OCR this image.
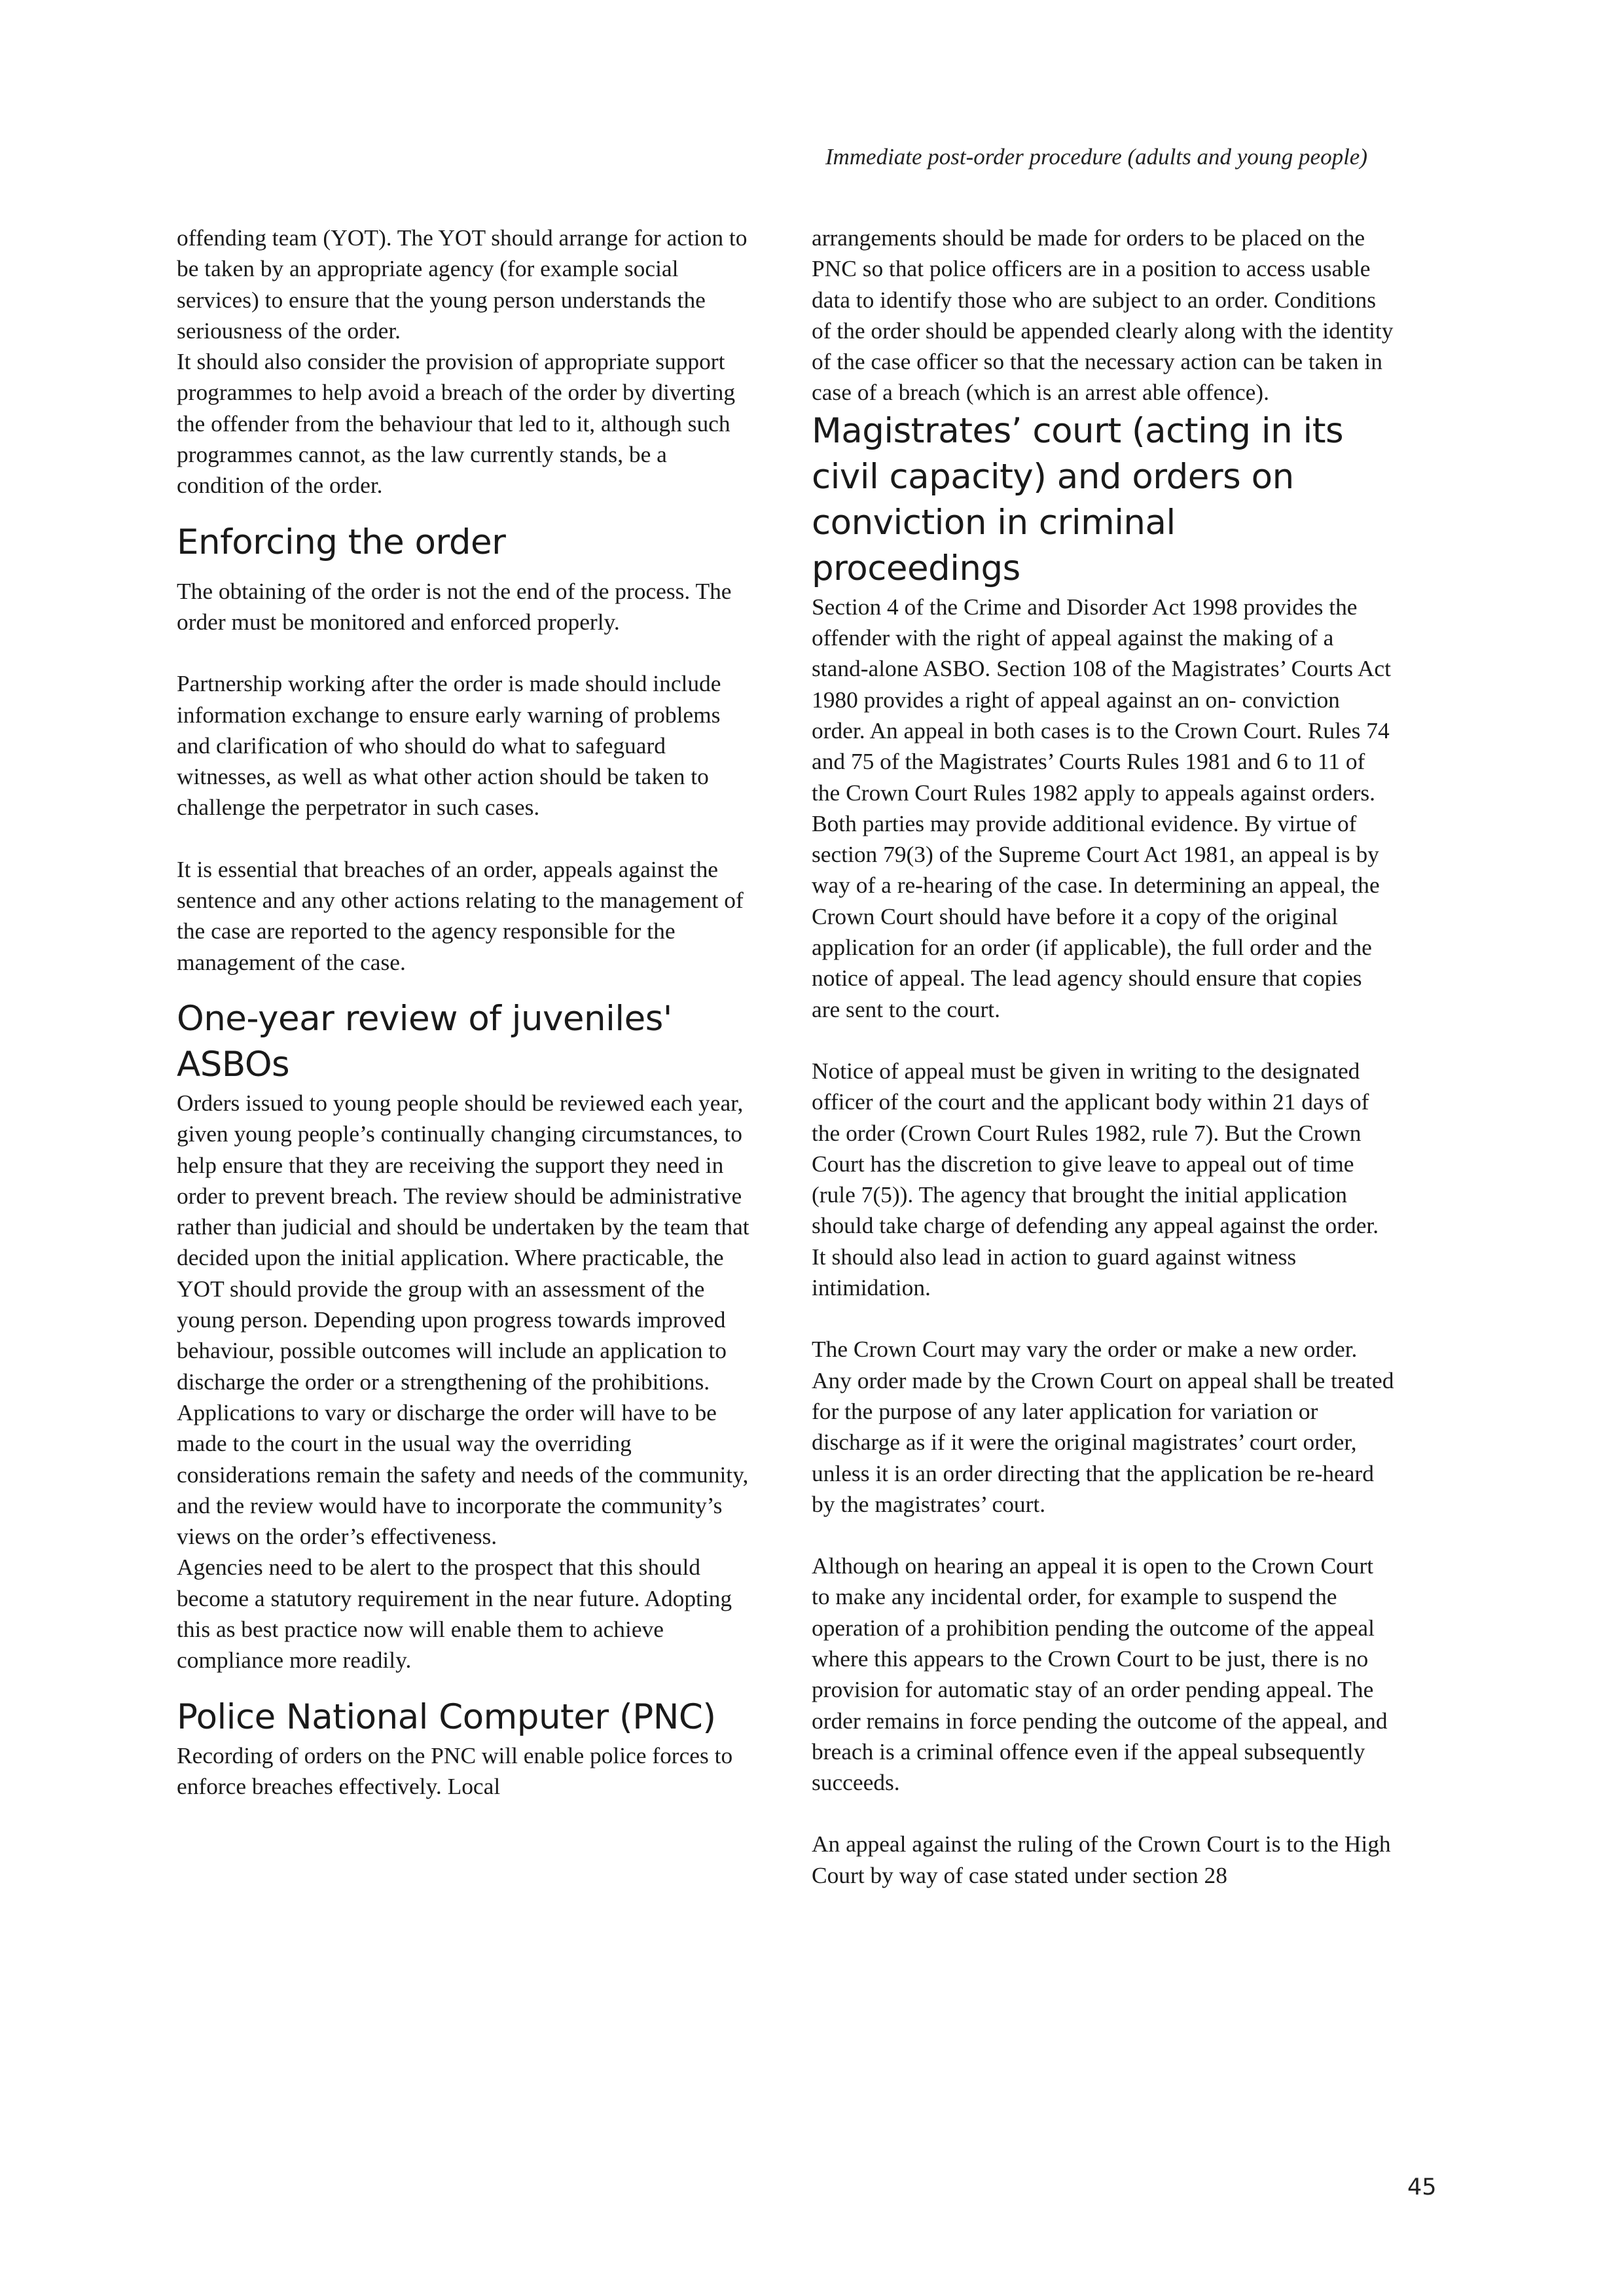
Immediate post-order procedure (adults and young people)

offending team (YOT). The YOT should arrange for action to be taken by an appropriate agency (for example social services) to ensure that the young person understands the seriousness of the order.

It should also consider the provision of appropriate support programmes to help avoid a breach of the order by diverting the offender from the behaviour that led to it, although such programmes cannot, as the law currently stands, be a condition of the order.

Enforcing the order

The obtaining of the order is not the end of the process. The order must be monitored and enforced properly.

Partnership working after the order is made should include information exchange to ensure early warning of problems and clarification of who should do what to safeguard witnesses, as well as what other action should be taken to challenge the perpetrator in such cases.

It is essential that breaches of an order, appeals against the sentence and any other actions relating to the management of the case are reported to the agency responsible for the management of the case.

One-year review of juveniles' ASBOs

Orders issued to young people should be reviewed each year, given young people’s continually changing circumstances, to help ensure that they are receiving the support they need in order to prevent breach. The review should be administrative rather than judicial and should be undertaken by the team that decided upon the initial application. Where practicable, the YOT should provide the group with an assessment of the young person. Depending upon progress towards improved behaviour, possible outcomes will include an application to discharge the order or a strengthening of the prohibitions. Applications to vary or discharge the order will have to be made to the court in the usual way the overriding considerations remain the safety and needs of the community, and the review would have to incorporate the community’s views on the order’s effectiveness.

Agencies need to be alert to the prospect that this should become a statutory requirement in the near future. Adopting this as best practice now will enable them to achieve compliance more readily.

Police National Computer (PNC)

Recording of orders on the PNC will enable police forces to enforce breaches effectively. Local

arrangements should be made for orders to be placed on the PNC so that police officers are in a position to access usable data to identify those who are subject to an order. Conditions of the order should be appended clearly along with the identity of the case officer so that the necessary action can be taken in case of a breach (which is an arrest able offence).

Magistrates’ court (acting in its civil capacity) and orders on conviction in criminal proceedings

Section 4 of the Crime and Disorder Act 1998 provides the offender with the right of appeal against the making of a stand-alone ASBO. Section 108 of the Magistrates’ Courts Act 1980 provides a right of appeal against an on- conviction order. An appeal in both cases is to the Crown Court. Rules 74 and 75 of the Magistrates’ Courts Rules 1981 and 6 to 11 of the Crown Court Rules 1982 apply to appeals against orders. Both parties may provide additional evidence. By virtue of section 79(3) of the Supreme Court Act 1981, an appeal is by way of a re-hearing of the case. In determining an appeal, the Crown Court should have before it a copy of the original application for an order (if applicable), the full order and the notice of appeal. The lead agency should ensure that copies are sent to the court.

Notice of appeal must be given in writing to the designated officer of the court and the applicant body within 21 days of the order (Crown Court Rules 1982, rule 7). But the Crown Court has the discretion to give leave to appeal out of time (rule 7(5)). The agency that brought the initial application should take charge of defending any appeal against the order. It should also lead in action to guard against witness intimidation.

The Crown Court may vary the order or make a new order. Any order made by the Crown Court on appeal shall be treated for the purpose of any later application for variation or discharge as if it were the original magistrates’ court order, unless it is an order directing that the application be re-heard by the magistrates’ court.

Although on hearing an appeal it is open to the Crown Court to make any incidental order, for example to suspend the operation of a prohibition pending the outcome of the appeal where this appears to the Crown Court to be just, there is no provision for automatic stay of an order pending appeal. The order remains in force pending the outcome of the appeal, and breach is a criminal offence even if the appeal subsequently succeeds.

An appeal against the ruling of the Crown Court is to the High Court by way of case stated under section 28

45
